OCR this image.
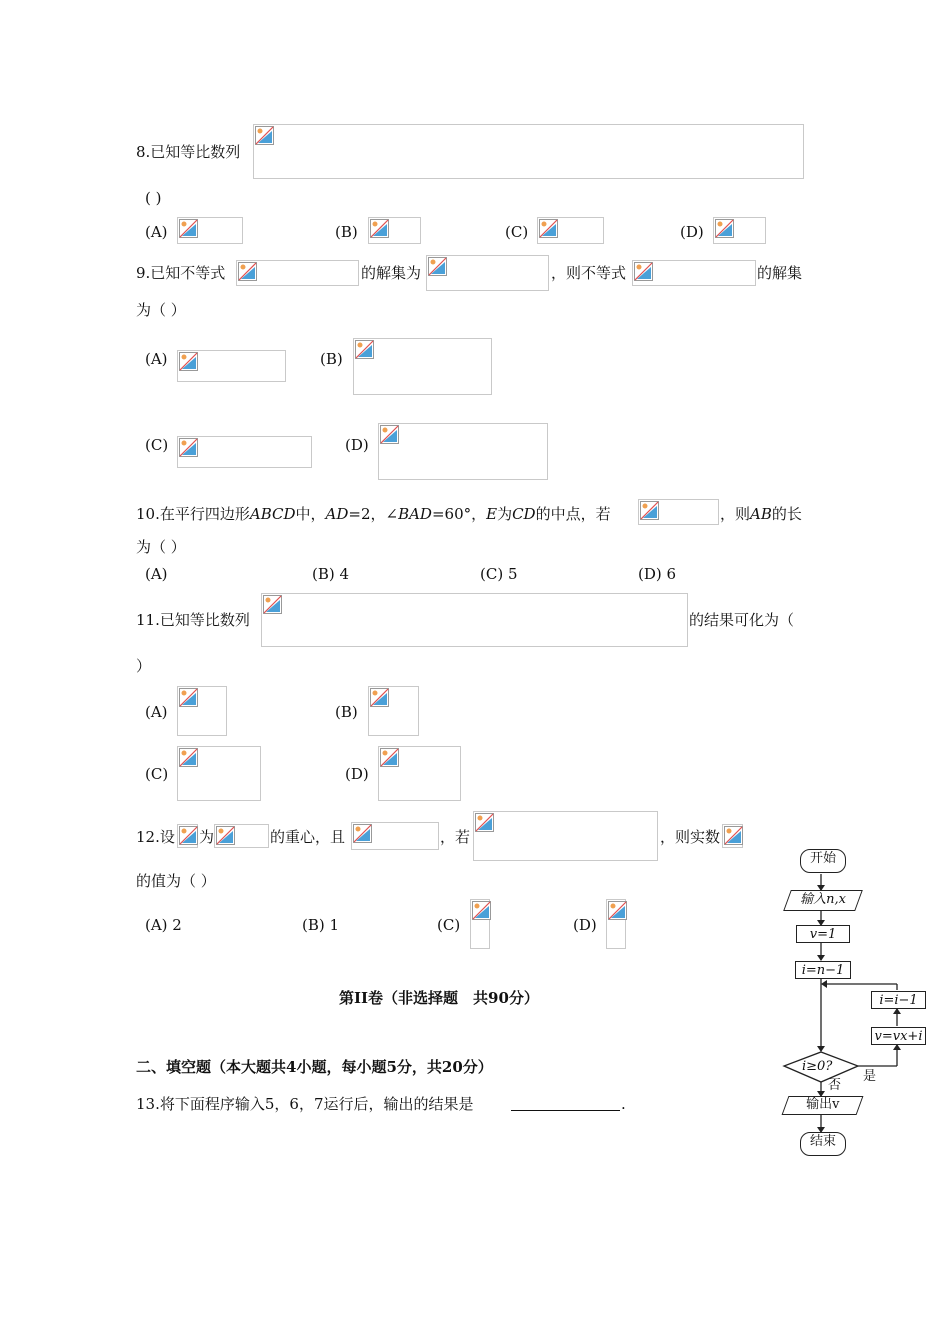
8.已知等比数列
( )
(A)	(B)	(C)	(D)
9.已知不等式	的解集为	，则不等式	的解集
为（ ）
(A)	(B)
(C)	(D)
10.在平行四边形ABCD中，AD=2，∠BAD=60°，E为CD的中点，若	，则AB的长
为（ ）
(A)	(B) 4	(C) 5	(D) 6
11.已知等比数列	的结果可化为（
）
(A)	(B)
(C)	(D)
12.设 为	的重心，且	，若	，则实数
的值为（ ）
(A) 2	(B) 1	(C)	(D)
第II卷（非选择题　共90分）
二、填空题（本大题共4小题，每小题5分，共20分）
13.将下面程序输入5，6，7运行后，输出的结果是	.
开始
输入n,x
v=1
i=n−1
i=i−1
v=vx+i
i≥0?
是
否
输出v
结束
